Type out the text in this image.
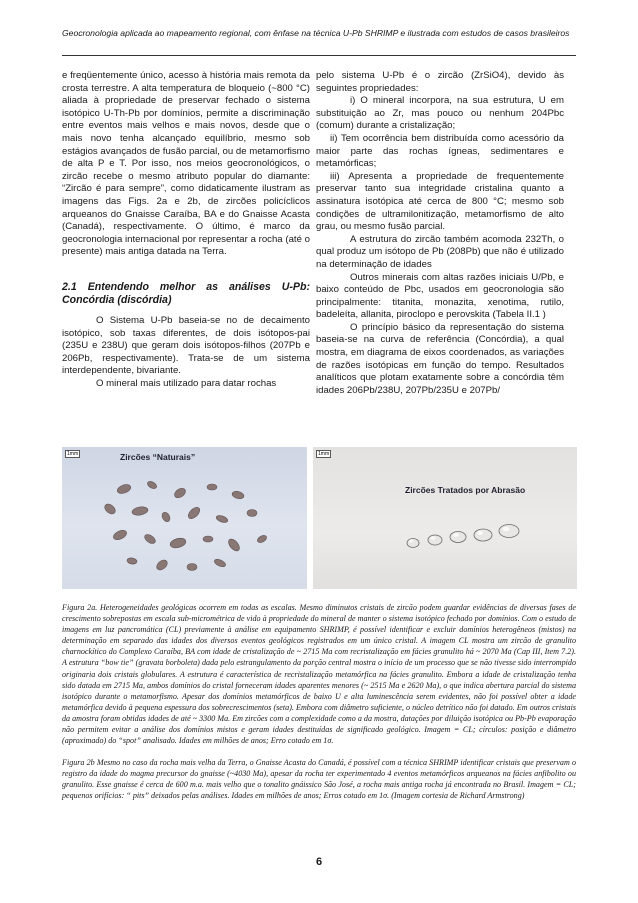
Geocronologia aplicada ao mapeamento regional, com ênfase na técnica U-Pb SHRIMP e ilustrada com estudos de casos brasileiros

e freqüentemente único, acesso à história mais remota da crosta terrestre. A alta temperatura de bloqueio (~800 °C) aliada à propriedade de preservar fechado o sistema isotópico U-Th-Pb por domínios, permite a discriminação entre eventos mais velhos e mais novos, desde que o mais novo tenha alcançado equilíbrio, mesmo sob estágios avançados de fusão parcial, ou de metamorfismo de alta P e T. Por isso, nos meios geocronológicos, o zircão recebe o mesmo atributo popular do diamante: “Zircão é para sempre”, como didaticamente ilustram as imagens das Figs. 2a e 2b, de zircões policíclicos arqueanos do Gnaisse Caraíba, BA e do Gnaisse Acasta (Canadá), respectivamente. O último, é marco da geocronologia internacional por representar a rocha (até o presente) mais antiga datada na Terra.

2.1 Entendendo melhor as análises U-Pb: Concórdia (discórdia)

O Sistema U-Pb baseia-se no de decaimento isotópico, sob taxas diferentes, de dois isótopos-pai (235U e 238U) que geram dois isótopos-filhos (207Pb e 206Pb, respectivamente). Trata-se de um sistema interdependente, bivariante.

O mineral mais utilizado para datar rochas

pelo sistema U-Pb é o zircão (ZrSiO4), devido às seguintes propriedades:

i) O mineral incorpora, na sua estrutura, U em substituição ao Zr, mas pouco ou nenhum 204Pbc (comum) durante a cristalização;

ii) Tem ocorrência bem distribuída como acessório da maior parte das rochas ígneas, sedimentares e metamórficas;

iii) Apresenta a propriedade de frequentemente preservar tanto sua integridade cristalina quanto a assinatura isotópica até cerca de 800 °C; mesmo sob condições de ultramilonitização, metamorfismo de alto grau, ou mesmo fusão parcial.

A estrutura do zircão também acomoda 232Th, o qual produz um isótopo de Pb (208Pb) que não é utilizado na determinação de idades

Outros minerais com altas razões iniciais U/Pb, e baixo conteúdo de Pbc, usados em geocronologia são principalmente: titanita, monazita, xenotima, rutilo, badeleíta, allanita, piroclоро e perovskita (Tabela II.1 )

O princípio básico da representação do sistema baseia-se na curva de referência (Concórdia), a qual mostra, em diagrama de eixos coordenados, as variações de razões isotópicas em função do tempo. Resultados analíticos que plotam exatamente sobre a concórdia têm idades 206Pb/238U, 207Pb/235U e 207Pb/

1mm	Zircões “Naturais”	1mm
Zircões Tratados por Abrasão
Figura 2a. Heterogeneidades geológicas ocorrem em todas as escalas. Mesmo diminutos cristais de zircão podem guardar evidências de diversas fases de crescimento sobrepostas em escala sub-micrométrica de vido à propriedade do mineral de manter o sistema isotópico fechado por domínios. Com o estudo de imagens em luz pancromática (CL) previamente à análise em equipamento SHRIMP, é possível identificar e excluir domínios heterogêneos (mistos) na determinação em separado das idades dos diversos eventos geológicos registrados em um único cristal. A imagem CL mostra um zircão de granulito charnockítico do Complexo Caraíba, BA com idade de cristalização de ~ 2715 Ma com recristalização em fácies granulito há ~ 2070 Ma (Cap III, Item 7.2). A estrutura “bow tie” (gravata borboleta) dada pelo estrangulamento da porção central mostra o início de um processo que se não tivesse sido interrompido originaria dois cristais globulares. A estrutura é característica de recristalização metamórfica na fácies granulito. Embora a idade de cristalização tenha sido datada em 2715 Ma, ambos domínios do cristal forneceram idades aparentes menores (~ 2515 Ma e 2620 Ma), o que indica abertura parcial do sistema isotópico durante o metamorfismo. Apesar dos domínios metamórficos de baixo U e alta luminescência serem evidentes, não foi possível obter a idade metamórfica devido à pequena espessura dos sobrecrescimentos (seta). Embora com diâmetro suficiente, o núcleo detrítico não foi datado. Em outros cristais da amostra foram obtidas idades de até ~ 3300 Ma. Em zircões com a complexidade como a da mostra, datações por diluição isotópica ou Pb-Pb evaporação não permitem evitar a análise dos domínios mistos e geram idades destituídas de significado geológico. Imagem = CL; círculos: posição e diâmetro (aproximado) do “spot” analisado. Idades em milhões de anos; Erro cotado em 1σ.
Figura 2b Mesmo no caso da rocha mais velha da Terra, o Gnaisse Acasta do Canadá, é possível com a técnica SHRIMP identificar cristais que preservam o registro da idade do magma precursor do gnaisse (~4030 Ma), apesar da rocha ter experimentado 4 eventos metamórficos arqueanos na fácies anfibolito ou granulito. Esse gnaisse é cerca de 600 m.a. mais velho que o tonalito gnáissico São José, a rocha mais antiga rocha já encontrada no Brasil. Imagem = CL; pequenos orifícios: “ pits” deixados pelas análises. Idades em milhões de anos; Erros cotado em 1σ. (Imagem cortesia de Richard Armstrong)
6
